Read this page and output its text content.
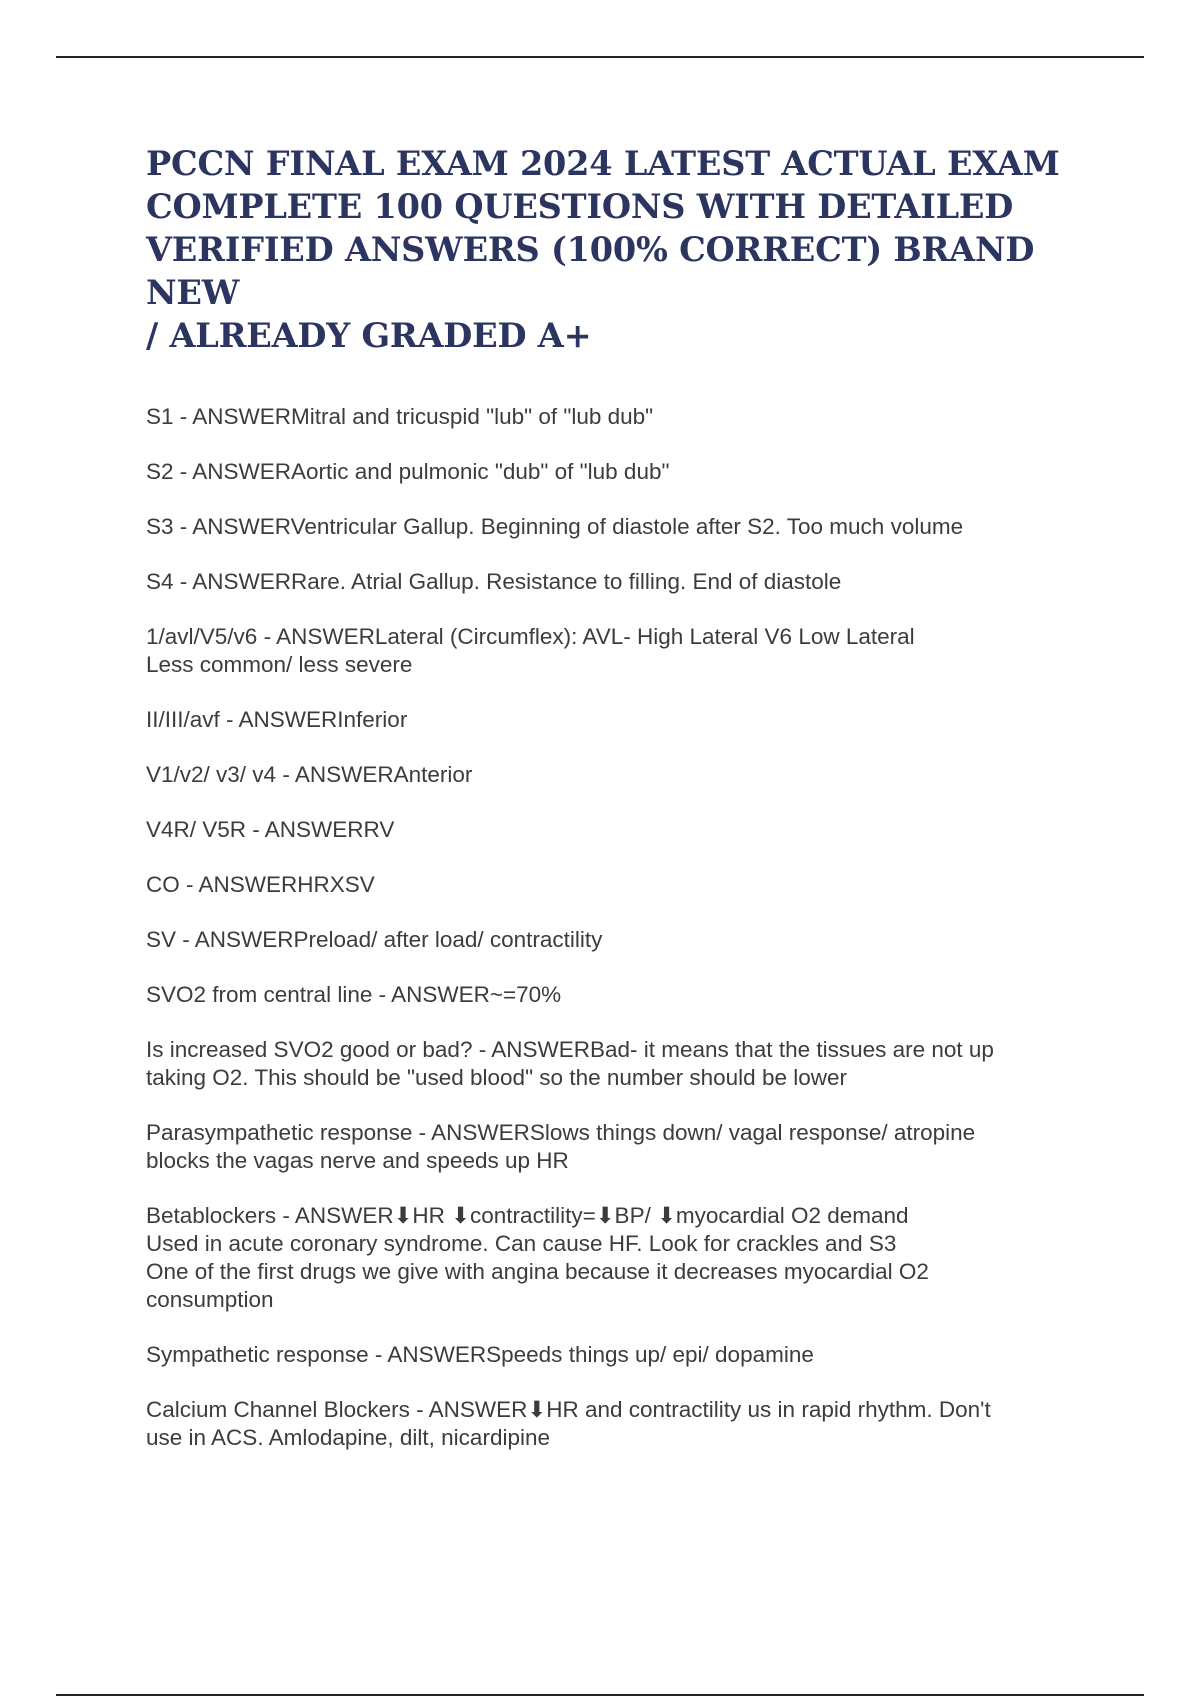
PCCN FINAL EXAM 2024 LATEST ACTUAL EXAM
COMPLETE 100 QUESTIONS WITH DETAILED
VERIFIED ANSWERS (100% CORRECT) BRAND NEW
/ ALREADY GRADED A+

S1 - ANSWERMitral and tricuspid "lub" of "lub dub"

S2 - ANSWERAortic and pulmonic "dub" of "lub dub"

S3 - ANSWERVentricular Gallup. Beginning of diastole after S2. Too much volume

S4 - ANSWERRare. Atrial Gallup. Resistance to filling. End of diastole

1/avl/V5/v6 - ANSWERLateral (Circumflex): AVL- High Lateral V6 Low Lateral
Less common/ less severe

II/III/avf - ANSWERInferior

V1/v2/ v3/ v4 - ANSWERAnterior

V4R/ V5R - ANSWERRV

CO - ANSWERHRXSV

SV - ANSWERPreload/ after load/ contractility

SVO2 from central line - ANSWER~=70%

Is increased SVO2 good or bad? - ANSWERBad- it means that the tissues are not up
taking O2. This should be "used blood" so the number should be lower

Parasympathetic response - ANSWERSlows things down/ vagal response/ atropine
blocks the vagas nerve and speeds up HR

Betablockers - ANSWER⬇HR ⬇contractility=⬇BP/ ⬇myocardial O2 demand
Used in acute coronary syndrome. Can cause HF. Look for crackles and S3
One of the first drugs we give with angina because it decreases myocardial O2
consumption

Sympathetic response - ANSWERSpeeds things up/ epi/ dopamine

Calcium Channel Blockers - ANSWER⬇HR and contractility us in rapid rhythm. Don't
use in ACS. Amlodapine, dilt, nicardipine
